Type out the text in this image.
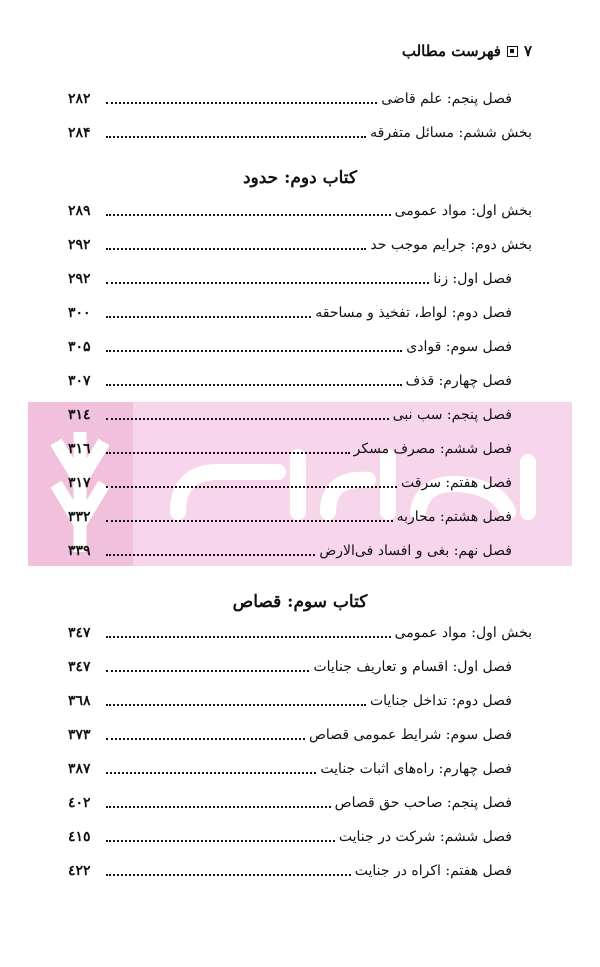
۷
فهرست مطالب
فصل پنجم: علم قاضی
۲۸۲
بخش ششم: مسائل متفرقه
۲۸۴
کتاب دوم: حدود
بخش اول: مواد عمومی
۲۸۹
بخش دوم: جرایم موجب حد
۲۹۲
فصل اول: زنا
۲۹۲
فصل دوم: لواط، تفخیذ و مساحقه
۳۰۰
فصل سوم: قوادی
۳۰۵
فصل چهارم: قذف
۳۰۷
فصل پنجم: سب نبی
۳۱٤
فصل ششم: مصرف مسکر
۳۱٦
فصل هفتم: سرقت
۳۱۷
فصل هشتم: محاربه
۳۳۲
فصل نهم: بغی و افساد فی‌الارض
۳۳۹
کتاب سوم: قصاص
بخش اول: مواد عمومی
۳٤۷
فصل اول: اقسام و تعاریف جنایات
۳٤۷
فصل دوم: تداخل جنایات
۳٦۸
فصل سوم: شرایط عمومی قصاص
۳۷۳
فصل چهارم: راه‌های اثبات جنایت
۳۸۷
فصل پنجم: صاحب حق قصاص
٤۰۲
فصل ششم: شرکت در جنایت
٤۱٥
فصل هفتم: اکراه در جنایت
٤۲۲
